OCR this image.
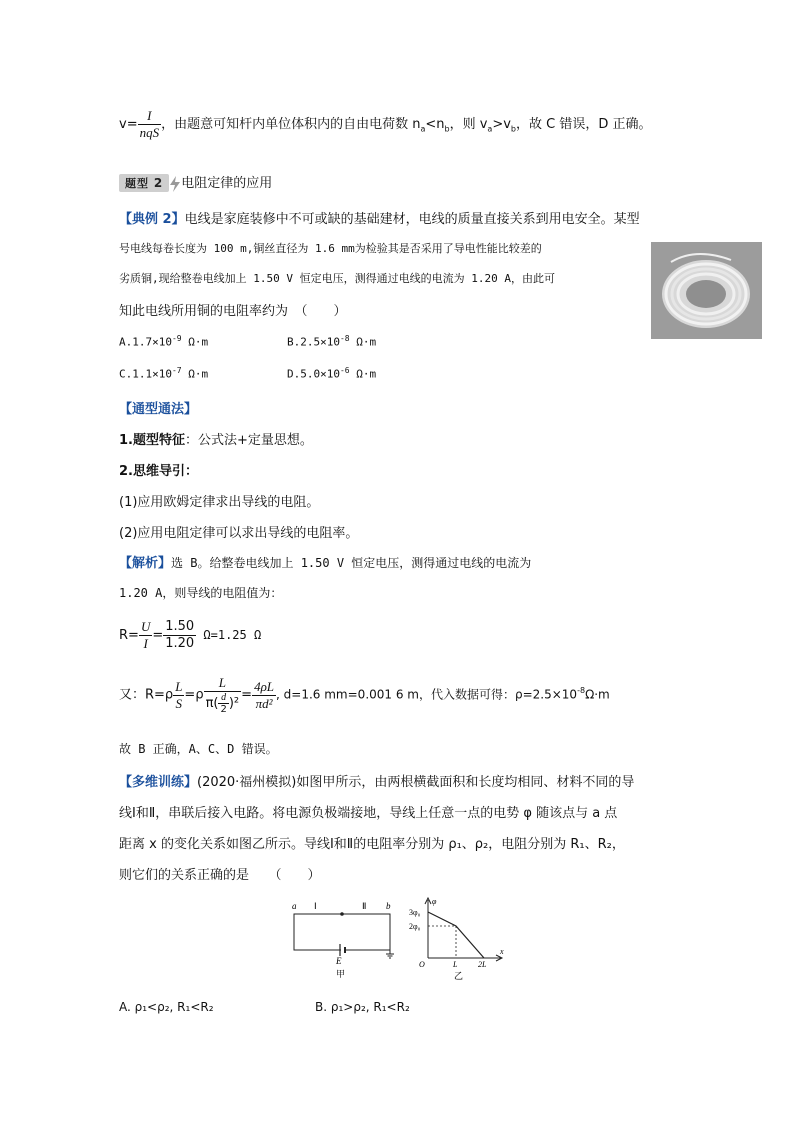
$v= \frac{I}{\text{nqS}}$ ，由题意可知杆内单位体积内的自由电荷数 $n_a<n_b$，则 $v_a>v_b$，故 C 错误，D 正确。
题型 2 电阻定律的应用
【典例 2】电线是家庭装修中不可或缺的基础建材，电线的质量直接关系到用电安全。某型
号电线每卷长度为 100 m,铜丝直径为 1.6 mm为检验其是否采用了导电性能比较差的
劣质铜,现给整卷电线加上 1.50 V 恒定电压，测得通过电线的电流为 1.20 A，由此可
知此电线所用铜的电阻率约为　（　　）
$A.1.7\times 10^{-9}$ Ω·m	$B.2.5\times 10^{-8}$ Ω·m
$C.1.1\times 10^{-7}$ Ω·m	$D.5.0\times 10^{-6}$ Ω·m
【通型通法】
1.题型特征：公式法+定量思想。
2.思维导引：
(1)应用欧姆定律求出导线的电阻。
(2)应用电阻定律可以求出导线的电阻率。
【解析】选 B。给整卷电线加上 1.50 V 恒定电压，测得通过电线的电流为
1.20 A，则导线的电阻值为：
$R= \frac{U}{I} = \frac{1.50}{1.20} \Omega=1.25$ Ω
又：$R=\rho \frac{L}{S} =\rho \frac{L}{\pi( \frac{d}{2} )^2} = \frac{4\rho L}{\text{πd²}}$ , d=1.6 mm=0.001 6 m，代入数据可得：$\rho=2.5\times 10^{-8}\Omega\cdot m$
故 B 正确，A、C、D 错误。
【多维训练】(2020·福州模拟)如图甲所示，由两根横截面积和长度均相同、材料不同的导
线Ⅰ和Ⅱ，串联后接入电路。将电源负极端接地，导线上任意一点的电势 φ 随该点与 a 点
距离 x 的变化关系如图乙所示。导线Ⅰ和Ⅱ的电阻率分别为 ρ₁、ρ₂，电阻分别为 R₁、R₂，
则它们的关系正确的是　　（　　）
a Ⅰ	Ⅱ b
E
甲
φ
3φ₀
2φ₀
O	L	2L
x
乙
A. ρ₁<ρ₂, R₁<R₂	B. ρ₁>ρ₂, R₁<R₂
